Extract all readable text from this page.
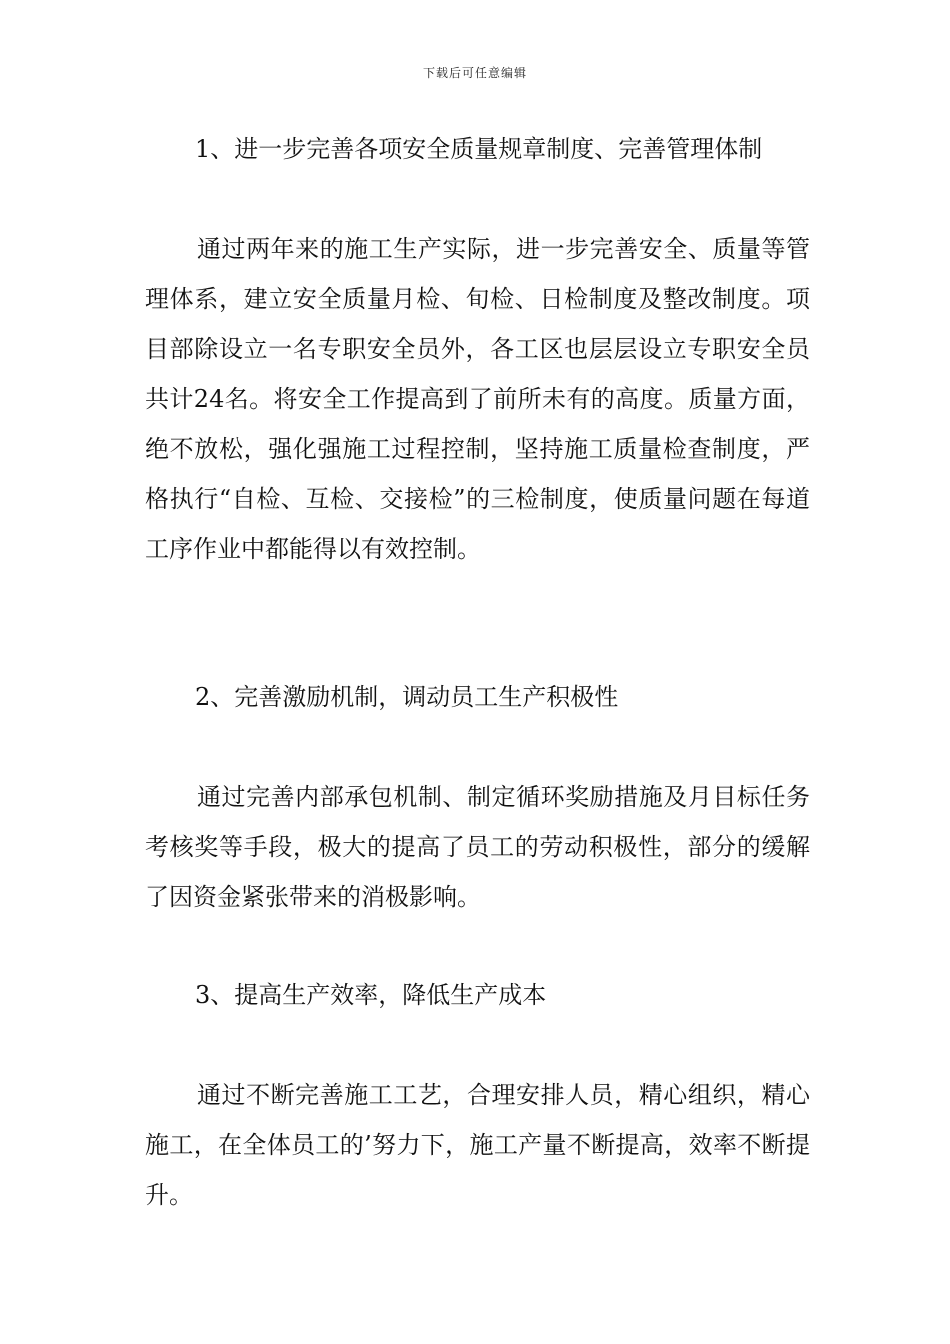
下载后可任意编辑
1、进一步完善各项安全质量规章制度、完善管理体制

通过两年来的施工生产实际，进一步完善安全、质量等管理体系，建立安全质量月检、旬检、日检制度及整改制度。项目部除设立一名专职安全员外，各工区也层层设立专职安全员共计24名。将安全工作提高到了前所未有的高度。质量方面，绝不放松，强化强施工过程控制，坚持施工质量检查制度，严格执行“自检、互检、交接检”的三检制度，使质量问题在每道工序作业中都能得以有效控制。

2、完善激励机制，调动员工生产积极性

通过完善内部承包机制、制定循环奖励措施及月目标任务考核奖等手段，极大的提高了员工的劳动积极性，部分的缓解了因资金紧张带来的消极影响。

3、提高生产效率，降低生产成本

通过不断完善施工工艺，合理安排人员，精心组织，精心施工，在全体员工的’努力下，施工产量不断提高，效率不断提升。
